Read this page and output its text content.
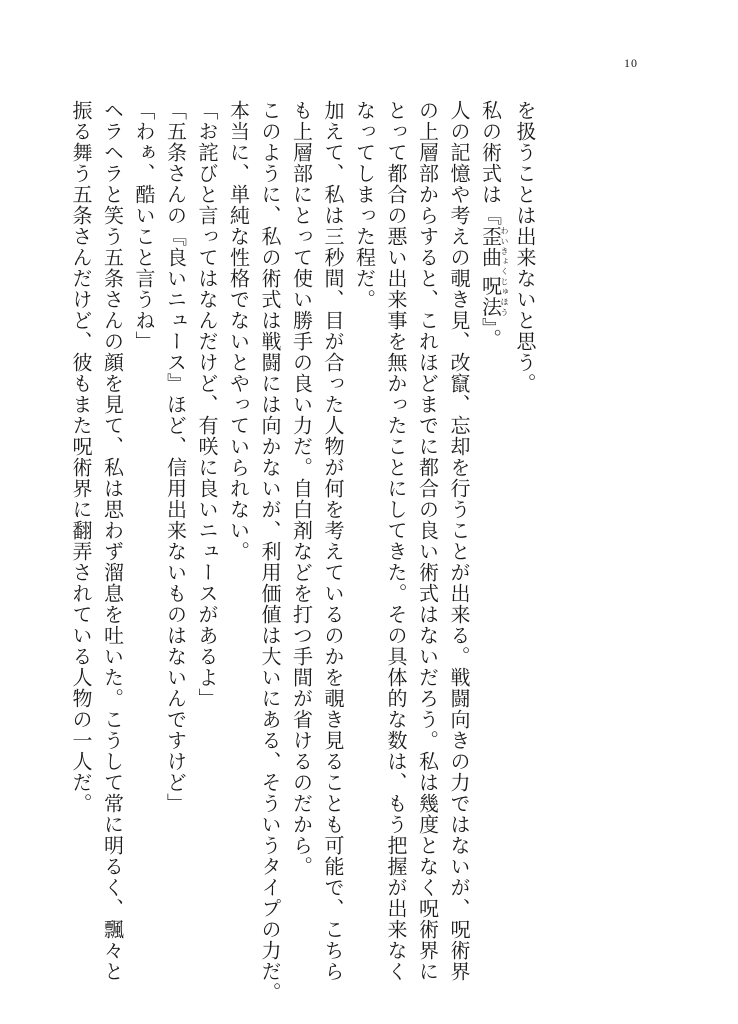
10

を扱うことは出来ないと思う。

私の術式は『歪曲 呪法わいきょくじゅほう』。

人の記憶や考えの覗き見、改竄、忘却を行うことが出来る。戦闘向きの力ではないが、呪術界

の上層部からすると、これほどまでに都合の良い術式はないだろう。私は幾度となく呪術界に

とって都合の悪い出来事を無かったことにしてきた。その具体的な数は、もう把握が出来なく

なってしまった程だ。

加えて、私は三秒間、目が合った人物が何を考えているのかを覗き見ることも可能で、こちら

も上層部にとって使い勝手の良い力だ。自白剤などを打つ手間が省けるのだから。

このように、私の術式は戦闘には向かないが、利用価値は大いにある、そういうタイプの力だ。

本当に、単純な性格でないとやっていられない。

「お詫びと言ってはなんだけど、有咲に良いニュースがあるよ」

「五条さんの『良いニュース』ほど、信用出来ないものはないんですけど」

「わぁ、酷いこと言うね」

ヘラヘラと笑う五条さんの顔を見て、私は思わず溜息を吐いた。こうして常に明るく、飄々と

振る舞う五条さんだけど、彼もまた呪術界に翻弄されている人物の一人だ。
